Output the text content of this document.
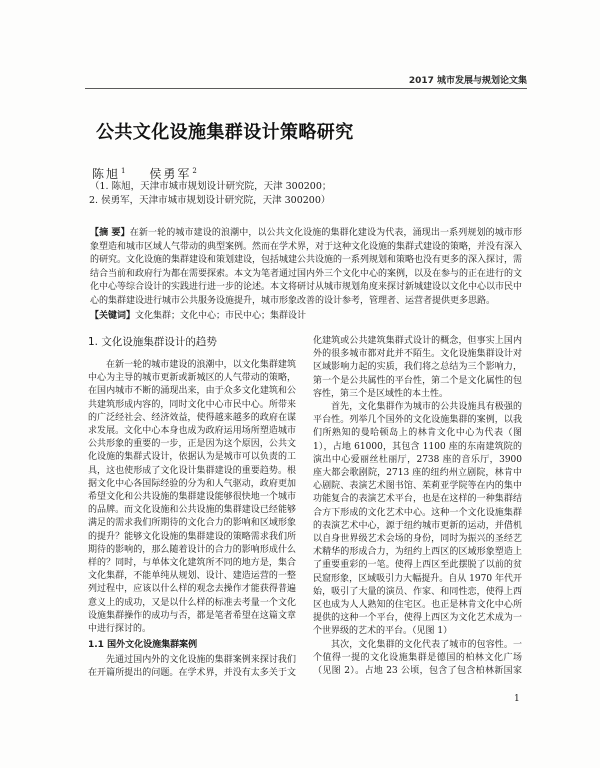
2017 城市发展与规划论文集
公共文化设施集群设计策略研究
陈旭$^1$ 侯勇军$^2$
（1. 陈旭，天津市城市规划设计研究院，天津 300200；
2. 侯勇军，天津市城市规划设计研究院，天津 300200）

【摘 要】在新一轮的城市建设的浪潮中，以公共文化设施的集群化建设为代表，涌现出一系列规划的城市形象塑造和城市区域人气带动的典型案例。然而在学术界，对于这种文化设施的集群式建设的策略，并没有深入的研究。文化设施的集群建设和策划建设，包括城建公共设施的一系列规划和策略也没有更多的深入探讨，需结合当前和政府行为都在需要探索。本文为笔者通过国内外三个文化中心的案例，以及在参与的正在进行的文化中心等综合设计的实践进行进一步的论述。本文将研讨从城市规划角度来探讨新城建设以文化中心以市民中心的集群建设进行城市公共服务设施提升，城市形象改善的设计参考，管理者、运营者提供更多思路。

【关键词】文化集群；文化中心；市民中心；集群设计

1. 文化设施集群设计的趋势

在新一轮的城市建设的浪潮中，以文化集群建筑中心为主导的城市更新或新城区的人气带动的策略，在国内城市不断的涌现出来，由于众多文化建筑和公共建筑形成内容的，同时文化中心市民中心。所带来的广泛经社会、经济效益，使得越来越多的政府在谋求发展。文化中心本身也成为政府运用场所塑造城市公共形象的重要的一步，正是因为这个原因，公共文化设施的集群式设计，依据认为是城市可以负责的工具，这也使形成了文化设计集群建设的重要趋势。根据文化中心各国际经验的分为和人气驱动，政府更加希望文化和公共设施的集群建设能够很快地一个城市的品牌。而文化设施和公共设施的集群建设已经能够满足的需求我们所期待的文化合力的影响和区域形象的提升？能够文化设施的集群建设的策略需求我们所期待的影响的，那么随着设计的合力的影响形成什么样的？同时，与单体文化建筑所不同的地方是，集合文化集群，不能单纯从规划、设计、建造运营的一整列过程中，应该以什么样的观念去操作才能获得普遍意义上的成功，又是以什么样的标准去考量一个文化设施集群操作的成功与否，都是笔者希望在这篇文章中进行探讨的。

1.1 国外文化设施集群案例

先通过国内外的文化设施的集群案例来探讨我们在开篇所提出的问题。在学术界，并没有太多关于文

化建筑或公共建筑集群式设计的概念，但事实上国内外的很多城市都对此并不陌生。文化设施集群设计对区域影响力起的实质，我们将之总结为三个影响力，第一个是公共属性的平台性，第二个是文化属性的包容性，第三个是区域性的本土性。

首先，文化集群作为城市的公共设施具有极强的平台性。列举几个国外的文化设施集群的案例，以我们所熟知的曼哈顿岛上的林肯文化中心为代表（图 1），占地 61000，其包含 1100 座的东南建筑院的演出中心爱丽丝杜丽厅，2738 座的音乐厅，3900 座大都会歌剧院，2713 座的纽约州立剧院，林肯中心剧院、表演艺术图书馆、茱莉亚学院等在内的集中功能复合的表演艺术平台，也是在这样的一种集群结合方下形成的文化艺术中心。这种一个文化设施集群的表演艺术中心，源于纽约城市更新的运动，并借机以自身世界级艺术会场的身份，同时为振兴的圣经艺术精华的形成合力，为纽约上西区的区域形象塑造上了重要重彩的一笔。使得上西区至此摆脱了以前的贫民窟形象，区域吸引力大幅提升。自从 1970 年代开始，吸引了大量的演员、作家、和同性恋，使得上西区也成为人人熟知的住宅区。也正是林肯文化中心所提供的这种一个平台，使得上西区为文化艺术成为一个世界级的艺术的平台。（见图 1）

其次，文化集群的文化代表了城市的包容性。一个值得一提的文化设施集群是德国的柏林文化广场（见图 2）。占地 23 公顷，包含了包含柏林新国家

1
